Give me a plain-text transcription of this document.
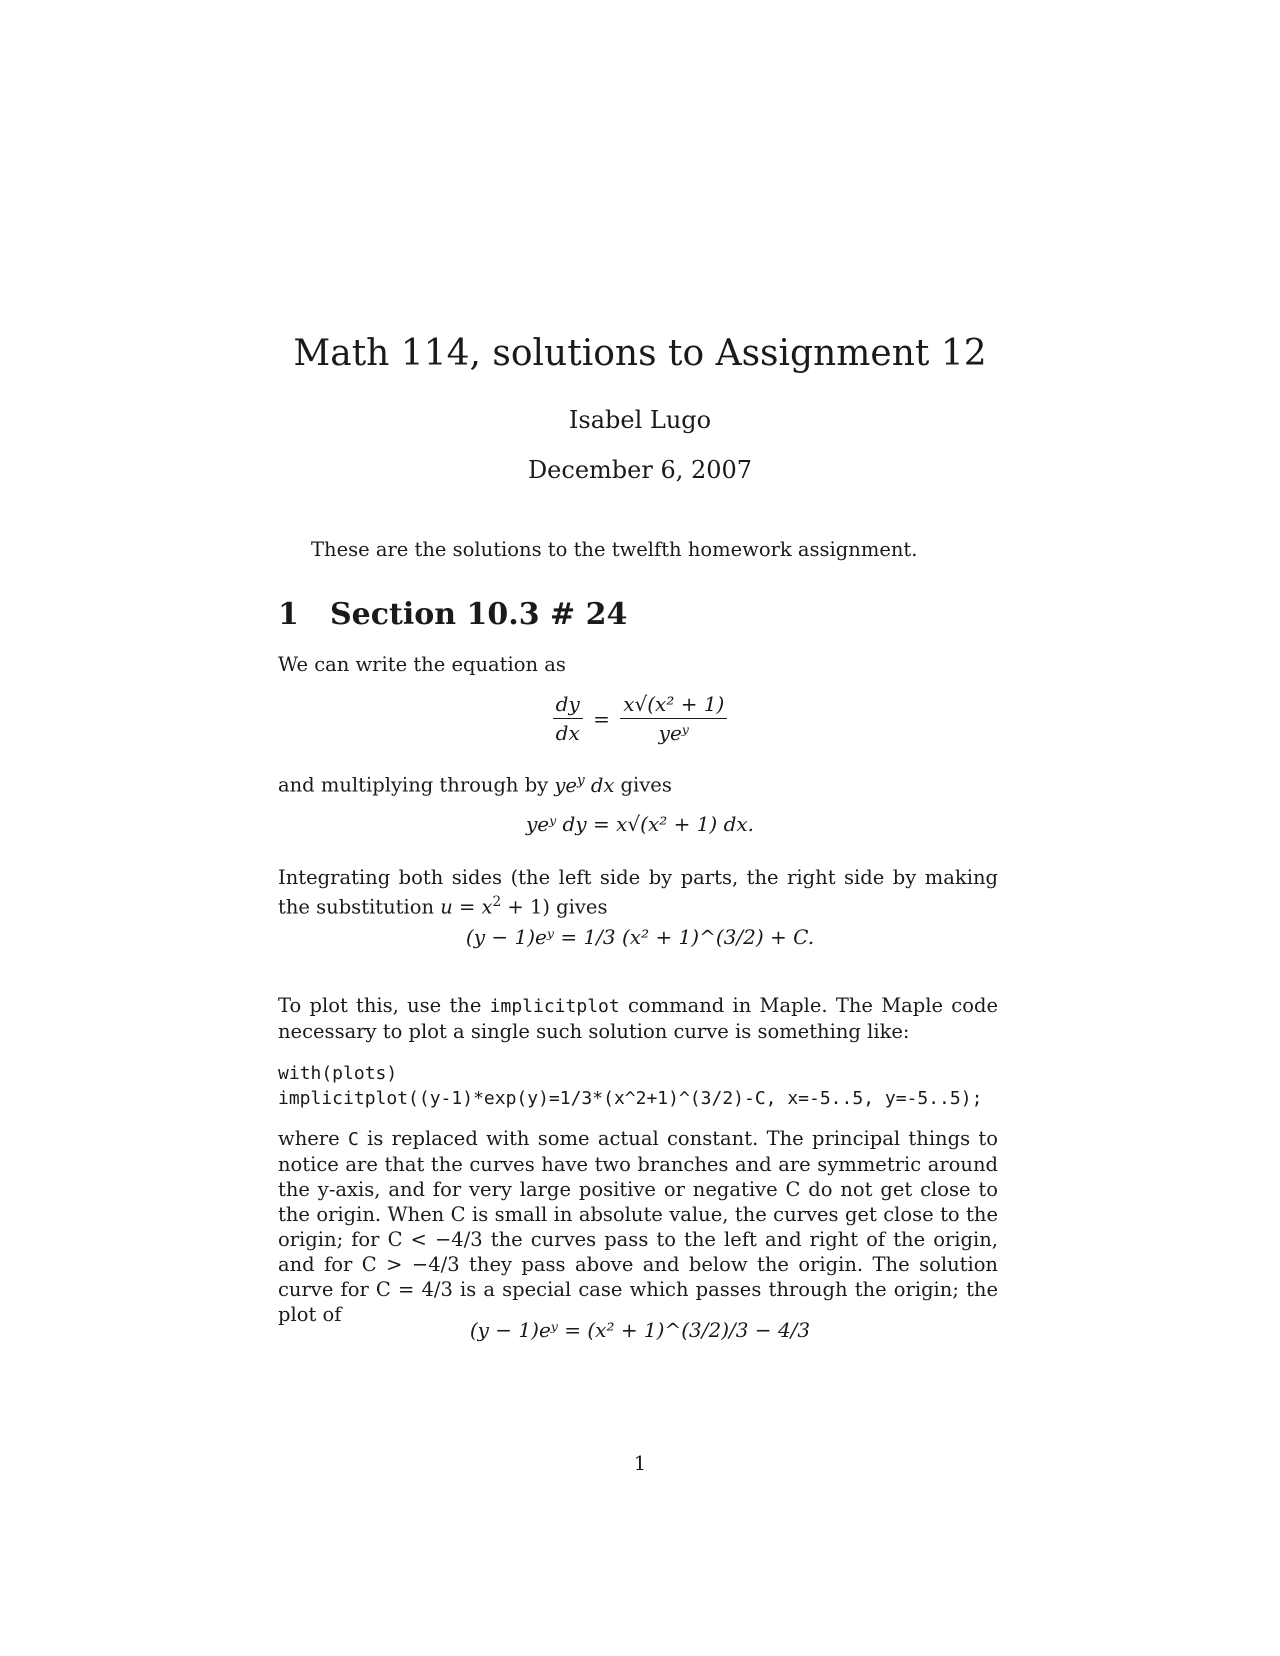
Math 114, solutions to Assignment 12
Isabel Lugo
December 6, 2007
These are the solutions to the twelfth homework assignment.
1 Section 10.3 # 24
We can write the equation as
$\frac{dy}{dx} = \frac{\text{x√(x² + 1)}}{\text{yeʸ}}$
and multiplying through by $ye^y$ dx gives
yeʸ dy = x√(x² + 1) dx.
Integrating both sides (the left side by parts, the right side by making the substitution $u = x^2 + 1$) gives
(y − 1)eʸ = 1/3 (x² + 1)^(3/2) + C.
To plot this, use the implicitplot command in Maple. The Maple code necessary to plot a single such solution curve is something like:
with(plots)
implicitplot((y-1)*exp(y)=1/3*(x^2+1)^(3/2)-C, x=-5..5, y=-5..5);
where C is replaced with some actual constant. The principal things to notice are that the curves have two branches and are symmetric around the y-axis, and for very large positive or negative C do not get close to the origin. When C is small in absolute value, the curves get close to the origin; for C < −4/3 the curves pass to the left and right of the origin, and for C > −4/3 they pass above and below the origin. The solution curve for C = 4/3 is a special case which passes through the origin; the plot of
(y − 1)eʸ = (x² + 1)^(3/2)/3 − 4/3
1
